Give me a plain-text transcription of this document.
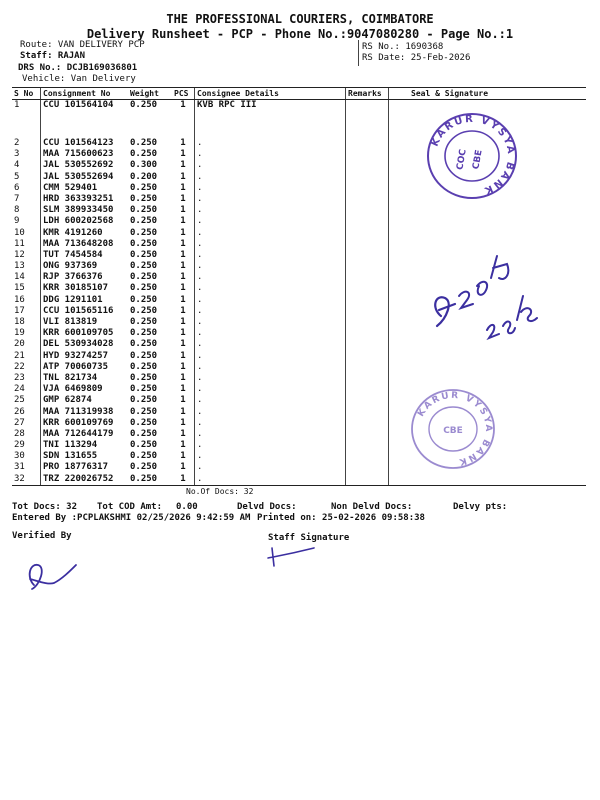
THE PROFESSIONAL COURIERS, COIMBATORE
Delivery Runsheet - PCP - Phone No.:9047080280 - Page No.:1
Route: VAN DELIVERY PCP
Staff: RAJAN
DRS No.: DCJB169036801
Vehicle: Van Delivery
RS No.: 1690368
RS Date: 25-Feb-2026
S No	Consignment No	Weight	PCS	Consignee Details	Remarks	Seal & Signature
1	CCU 101564104	0.250	1	KVB RPC III		
2	CCU 101564123	0.250	1	.		
3	MAA 715600623	0.250	1	.		
4	JAL 530552692	0.300	1	.		
5	JAL 530552694	0.200	1	.		
6	CMM 529401	0.250	1	.		
7	HRD 363393251	0.250	1	.		
8	SLM 389933450	0.250	1	.		
9	LDH 600202568	0.250	1	.		
10	KMR 4191260	0.250	1	.		
11	MAA 713648208	0.250	1	.		
12	TUT 7454584	0.250	1	.		
13	ONG 937369	0.250	1	.		
14	RJP 3766376	0.250	1	.		
15	KRR 30185107	0.250	1	.		
16	DDG 1291101	0.250	1	.		
17	CCU 101565116	0.250	1	.		
18	VLI 813819	0.250	1	.		
19	KRR 600109705	0.250	1	.		
20	DEL 530934028	0.250	1	.		
21	HYD 93274257	0.250	1	.		
22	ATP 70060735	0.250	1	.		
23	TNL 821734	0.250	1	.		
24	VJA 6469809	0.250	1	.		
25	GMP 62874	0.250	1	.		
26	MAA 711319938	0.250	1	.		
27	KRR 600109769	0.250	1	.		
28	MAA 712644179	0.250	1	.		
29	TNI 113294	0.250	1	.		
30	SDN 131655	0.250	1	.		
31	PRO 18776317	0.250	1	.		
32	TRZ 220026752	0.250	1	.		
No.Of Docs: 32
Tot Docs: 32 Tot COD Amt: 0.00	Delvd Docs:	Non Delvd Docs:	Delvy pts:
Entered By :PCPLAKSHMI 02/25/2026 9:42:59 AM Printed on: 25-02-2026 09:58:38
Verified By	Staff Signature
KARUR VYSYA BANK
COC CBE
KARUR VYSYA BANK
CBE
